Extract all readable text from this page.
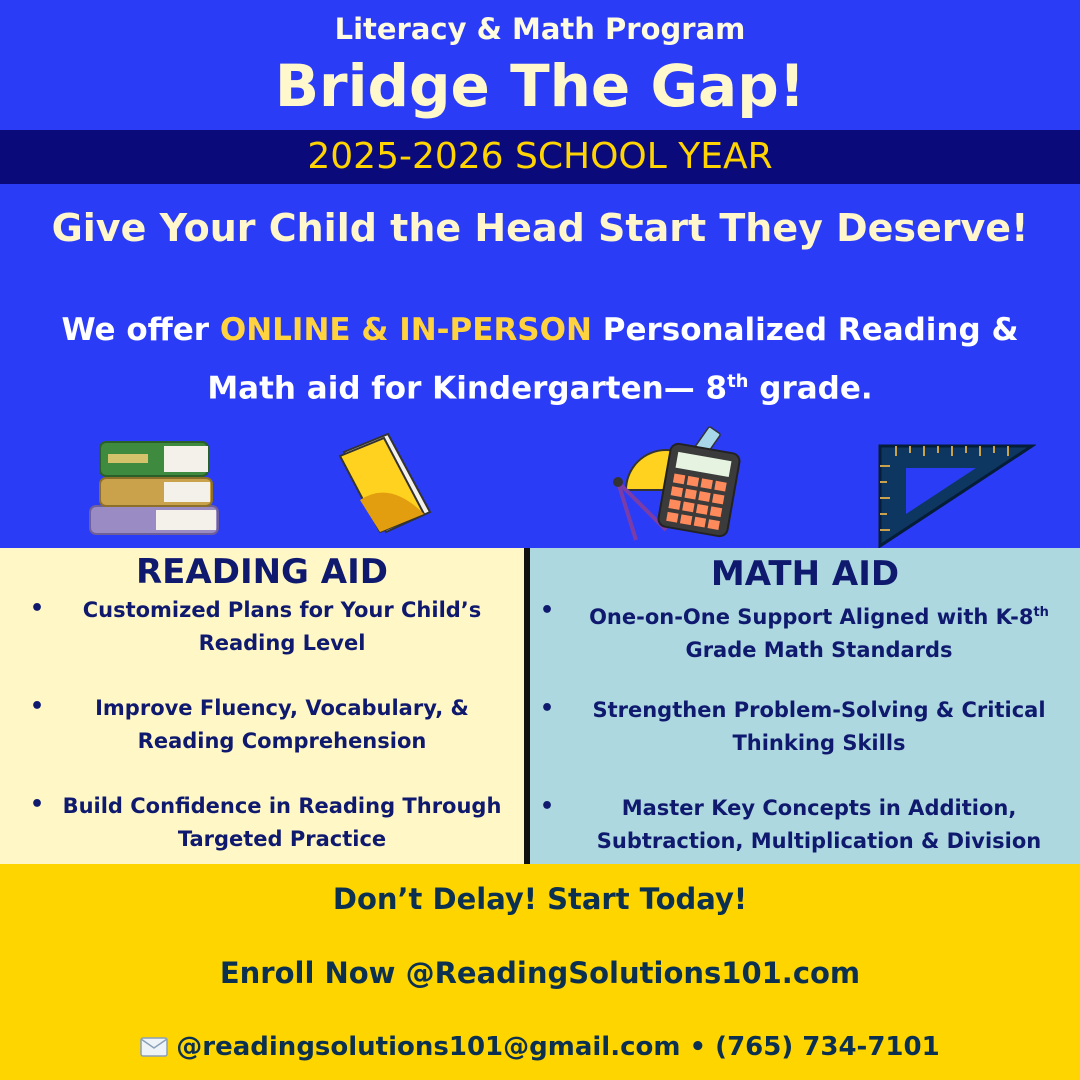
Literacy & Math Program
Bridge The Gap!
2025-2026 SCHOOL YEAR
Give Your Child the Head Start They Deserve!
We offer ONLINE & IN-PERSON Personalized Reading & Math aid for Kindergarten— 8th grade.
READING AID
•	Customized Plans for Your Child’s Reading Level
•	Improve Fluency, Vocabulary, & Reading Comprehension
• Build Confidence in Reading Through Targeted Practice
MATH AID
•	One-on-One Support Aligned with K-8th Grade Math Standards
•	Strengthen Problem-Solving & Critical Thinking Skills
•	Master Key Concepts in Addition, Subtraction, Multiplication & Division
Don’t Delay! Start Today!
Enroll Now @ReadingSolutions101.com
@readingsolutions101@gmail.com • (765) 734-7101
